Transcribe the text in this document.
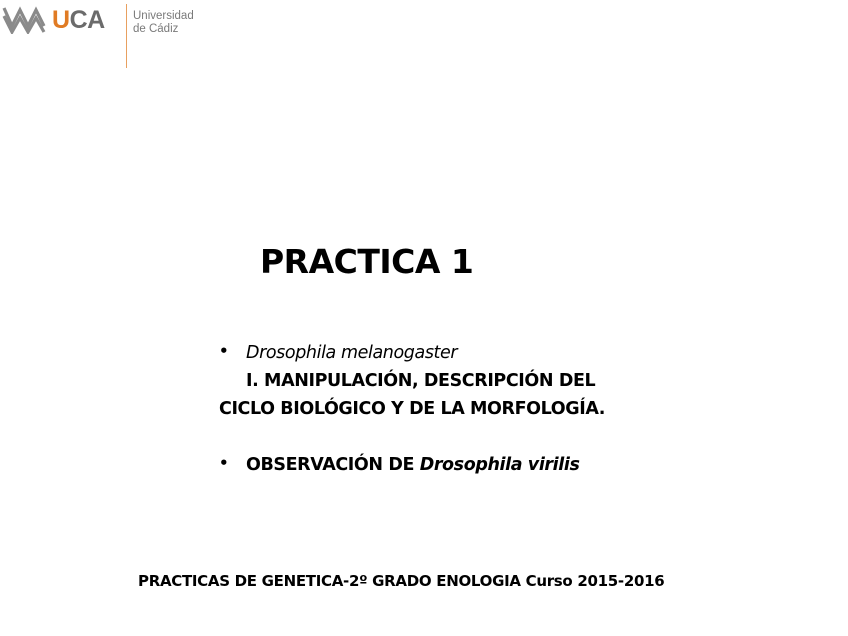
UCA Universidad
de Cádiz
PRACTICA 1
•Drosophila melanogaster
I. MANIPULACIÓN, DESCRIPCIÓN DEL
CICLO BIOLÓGICO Y DE LA MORFOLOGÍA.
•OBSERVACIÓN DE Drosophila virilis
PRACTICAS DE GENETICA-2º GRADO ENOLOGIA Curso 2015-2016
